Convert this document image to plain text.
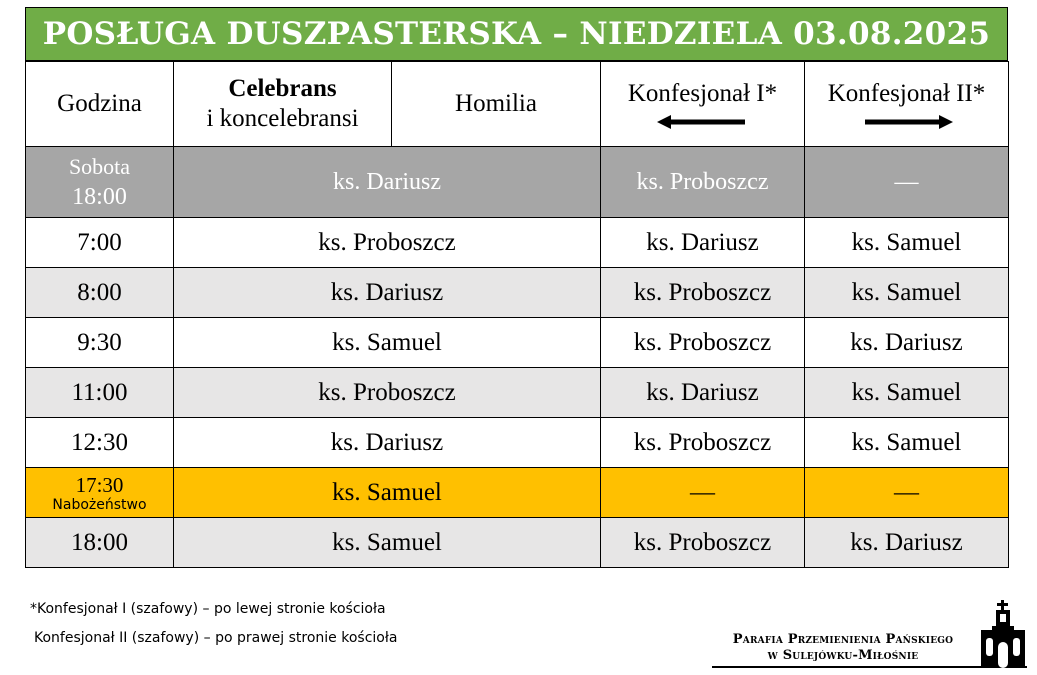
POSŁUGA DUSZPASTERSKA – NIEDZIELA 03.08.2025
Godzina	Celebrans
i koncelebransi	Homilia	Konfesjonał I*	Konfesjonał II*

Sobota
18:00	ks. Dariusz		ks. Proboszcz	—
7:00	ks. Proboszcz		ks. Dariusz	ks. Samuel
8:00	ks. Dariusz		ks. Proboszcz	ks. Samuel
9:30	ks. Samuel		ks. Proboszcz	ks. Dariusz
11:00	ks. Proboszcz		ks. Dariusz	ks. Samuel
12:30	ks. Dariusz		ks. Proboszcz	ks. Samuel

17:30
Nabożeństwo	ks. Samuel		—	—
18:00	ks. Samuel		ks. Proboszcz	ks. Dariusz
*Konfesjonał I (szafowy) – po lewej stronie kościoła
Konfesjonał II (szafowy) – po prawej stronie kościoła	Parafia Przemienienia Pańskiego
w Sulejówku-Miłośnie
